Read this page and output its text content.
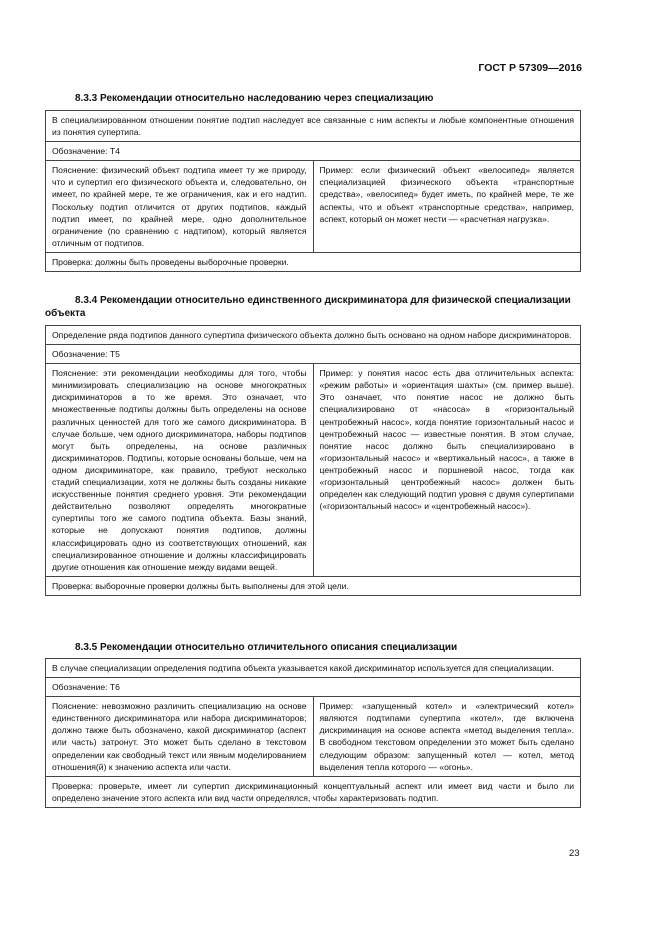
ГОСТ Р 57309—2016
8.3.3 Рекомендации относительно наследованию через специализацию
В специализированном отношении понятие подтип наследует все связанные с ним аспекты и любые компонентные отношения из понятия супертипа.
Обозначение: Т4
Пояснение: физический объект подтипа имеет ту же природу, что и супертип его физического объекта и, следовательно, он имеет, по крайней мере, те же ограничения, как и его надтип. Поскольку подтип отличится от других подтипов, каждый подтип имеет, по крайней мере, одно дополнительное ограничение (по сравнению с надтипом), который является отличным от подтипов.	Пример: если физический объект «велосипед» является специализацией физического объекта «транспортные средства», «велосипед» будет иметь, по крайней мере, те же аспекты, что и объект «транспортные средства», например, аспект, который он может нести — «расчетная нагрузка».
Проверка: должны быть проведены выборочные проверки.
8.3.4 Рекомендации относительно единственного дискриминатора для физической специализации объекта
Определение ряда подтипов данного супертипа физического объекта должно быть основано на одном наборе дискриминаторов.
Обозначение: Т5
Пояснение: эти рекомендации необходимы для того, чтобы минимизировать специализацию на основе многократных дискриминаторов в то же время. Это означает, что множественные подтипы должны быть определены на основе различных ценностей для того же самого дискриминатора. В случае больше, чем одного дискриминатора, наборы подтипов могут быть определены, на основе различных дискриминаторов. Подтипы, которые основаны больше, чем на одном дискриминаторе, как правило, требуют несколько стадий специализации, хотя не должны быть созданы никакие искусственные понятия среднего уровня. Эти рекомендации действительно позволяют определять многократные супертипы того же самого подтипа объекта. Базы знаний, которые не допускают понятия подтипов, должны классифицировать одно из соответствующих отношений, как специализированное отношение и должны классифицировать другие отношения как отношение между видами вещей.	Пример: у понятия насос есть два отличительных аспекта: «режим работы» и «ориентация шахты» (см. пример выше). Это означает, что понятие насос не должно быть специализировано от «насоса» в «горизонтальный центробежный насос», когда понятие горизонтальный насос и центробежный насос — известные понятия. В этом случае, понятие насос должно быть специализировано в «горизонтальный насос» и «вертикальный насос», а также в центробежный насос и поршневой насос, тогда как «горизонтальный центробежный насос» должен быть определен как следующий подтип уровня с двумя супертипами («горизонтальный насос» и «центробежный насос»).
Проверка: выборочные проверки должны быть выполнены для этой цели.
8.3.5 Рекомендации относительно отличительного описания специализации
В случае специализации определения подтипа объекта указывается какой дискриминатор используется для специализации.
Обозначение: Т6
Пояснение: невозможно различить специализацию на основе единственного дискриминатора или набора дискриминаторов; должно также быть обозначено, какой дискриминатор (аспект или часть) затронут. Это может быть сделано в текстовом определении как свободный текст или явным моделированием отношения(й) к значению аспекта или части.	Пример: «запущенный котел» и «электрический котел» являются подтипами супертипа «котел», где включена дискриминация на основе аспекта «метод выделения тепла». В свободном текстовом определении это может быть сделано следующим образом: запущенный котел — котел, метод выделения тепла которого — «огонь».
Проверка: проверьте, имеет ли супертип дискриминационный концептуальный аспект или имеет вид части и было ли определено значение этого аспекта или вид части определялся, чтобы характеризовать подтип.
23
